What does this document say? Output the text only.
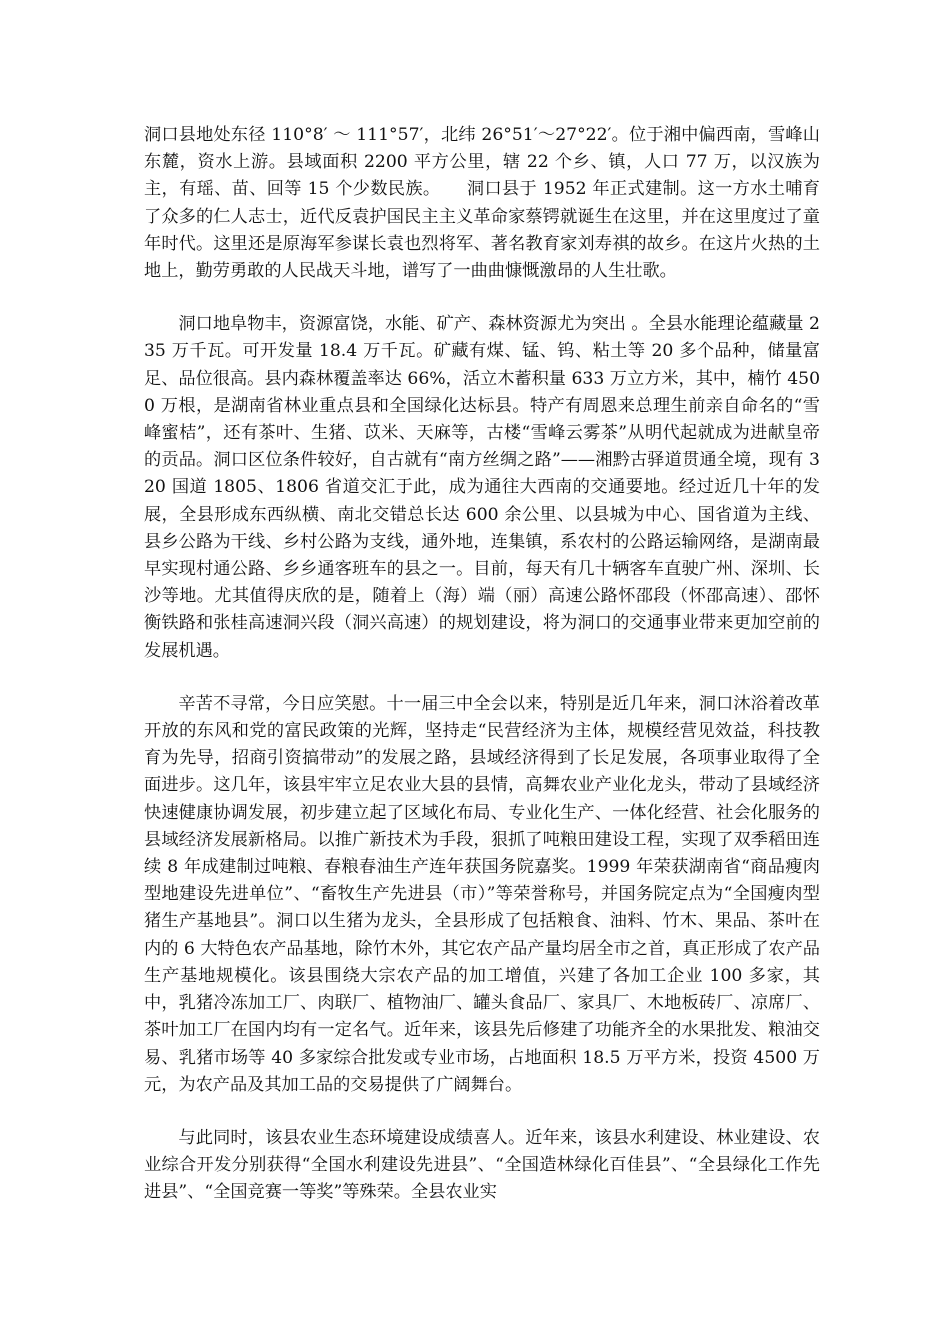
洞口县地处东径 110°8′ ～ 111°57′，北纬 26°51′～27°22′。位于湘中偏西南，雪峰山东麓，资水上游。县域面积 2200 平方公里，辖 22 个乡、镇，人口 77 万，以汉族为主，有瑶、苗、回等 15 个少数民族。　　洞口县于 1952 年正式建制。这一方水土哺育了众多的仁人志士，近代反袁护国民主主义革命家蔡锷就诞生在这里，并在这里度过了童年时代。这里还是原海军参谋长袁也烈将军、著名教育家刘寿祺的故乡。在这片火热的土地上，勤劳勇敢的人民战天斗地，谱写了一曲曲慷慨激昂的人生壮歌。

洞口地阜物丰，资源富饶，水能、矿产、森林资源尤为突出 。全县水能理论蕴藏量 235 万千瓦。可开发量 18.4 万千瓦。矿藏有煤、锰、钨、粘土等 20 多个品种，储量富足、品位很高。县内森林覆盖率达 66%，活立木蓄积量 633 万立方米，其中，楠竹 4500 万根，是湖南省林业重点县和全国绿化达标县。特产有周恩来总理生前亲自命名的“雪峰蜜桔”，还有茶叶、生猪、苡米、天麻等，古楼“雪峰云雾茶”从明代起就成为进献皇帝的贡品。洞口区位条件较好，自古就有“南方丝绸之路”——湘黔古驿道贯通全境，现有 320 国道 1805、1806 省道交汇于此，成为通往大西南的交通要地。经过近几十年的发展，全县形成东西纵横、南北交错总长达 600 余公里、以县城为中心、国省道为主线、县乡公路为干线、乡村公路为支线，通外地，连集镇，系农村的公路运输网络，是湖南最早实现村通公路、乡乡通客班车的县之一。目前，每天有几十辆客车直驶广州、深圳、长沙等地。尤其值得庆欣的是，随着上（海）端（丽）高速公路怀邵段（怀邵高速）、邵怀衡铁路和张桂高速洞兴段（洞兴高速）的规划建设，将为洞口的交通事业带来更加空前的发展机遇。

辛苦不寻常，今日应笑慰。十一届三中全会以来，特别是近几年来，洞口沐浴着改革开放的东风和党的富民政策的光辉，坚持走“民营经济为主体，规模经营见效益，科技教育为先导，招商引资搞带动”的发展之路，县域经济得到了长足发展，各项事业取得了全面进步。这几年，该县牢牢立足农业大县的县情，高舞农业产业化龙头，带动了县域经济快速健康协调发展，初步建立起了区域化布局、专业化生产、一体化经营、社会化服务的县域经济发展新格局。以推广新技术为手段，狠抓了吨粮田建设工程，实现了双季稻田连续 8 年成建制过吨粮、春粮春油生产连年获国务院嘉奖。1999 年荣获湖南省“商品瘦肉型地建设先进单位”、“畜牧生产先进县（市）”等荣誉称号，并国务院定点为“全国瘦肉型猪生产基地县”。洞口以生猪为龙头，全县形成了包括粮食、油料、竹木、果品、茶叶在内的 6 大特色农产品基地，除竹木外，其它农产品产量均居全市之首，真正形成了农产品生产基地规模化。该县围绕大宗农产品的加工增值，兴建了各加工企业 100 多家，其中，乳猪冷冻加工厂、肉联厂、植物油厂、罐头食品厂、家具厂、木地板砖厂、凉席厂、茶叶加工厂在国内均有一定名气。近年来，该县先后修建了功能齐全的水果批发、粮油交易、乳猪市场等 40 多家综合批发或专业市场，占地面积 18.5 万平方米，投资 4500 万元，为农产品及其加工品的交易提供了广阔舞台。

与此同时，该县农业生态环境建设成绩喜人。近年来，该县水利建设、林业建设、农业综合开发分别获得“全国水利建设先进县”、“全国造林绿化百佳县”、“全县绿化工作先进县”、“全国竞赛一等奖”等殊荣。全县农业实
